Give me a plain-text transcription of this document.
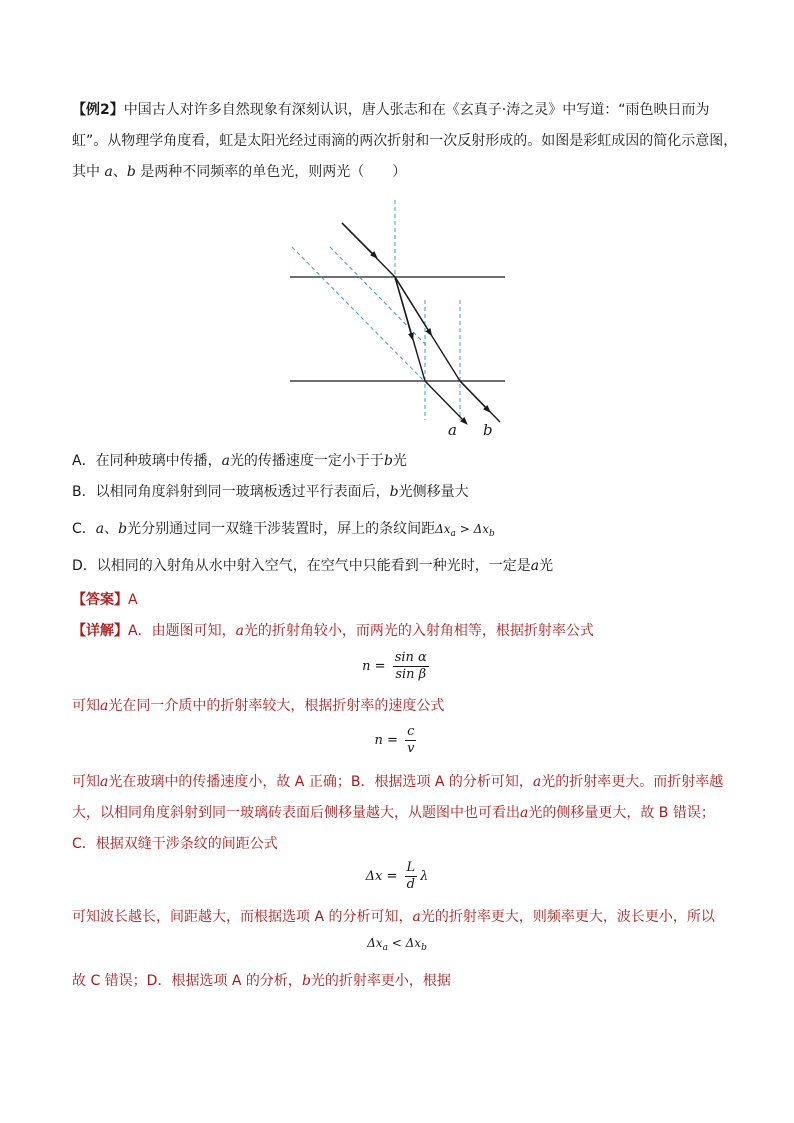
【例2】中国古人对许多自然现象有深刻认识，唐人张志和在《玄真子·涛之灵》中写道：“雨色映日而为
虹”。从物理学角度看，虹是太阳光经过雨滴的两次折射和一次反射形成的。如图是彩虹成因的简化示意图，
其中 a、b 是两种不同频率的单色光，则两光（　　）
a b
A．在同种玻璃中传播，a光的传播速度一定小于于b光
B．以相同角度斜射到同一玻璃板透过平行表面后，b光侧移量大
C．a、b光分别通过同一双缝干涉装置时，屏上的条纹间距$\Delta x_a > \Delta x_b$
D．以相同的入射角从水中射入空气，在空气中只能看到一种光时，一定是a光
【答案】A
【详解】A．由题图可知，a光的折射角较小，而两光的入射角相等，根据折射率公式
$n = \frac{\text{sin α}}{\text{sin β}}$
可知a光在同一介质中的折射率较大，根据折射率的速度公式
$n = \frac{c}{v}$
可知a光在玻璃中的传播速度小，故 A 正确；B．根据选项 A 的分析可知，a光的折射率更大。而折射率越
大，以相同角度斜射到同一玻璃砖表面后侧移量越大，从题图中也可看出a光的侧移量更大，故 B 错误；
C．根据双缝干涉条纹的间距公式
$\Delta x = \frac{L}{d}$ λ
可知波长越长，间距越大，而根据选项 A 的分析可知，a光的折射率更大，则频率更大，波长更小，所以
$\Delta x_a < \Delta x_b$
故 C 错误；D．根据选项 A 的分析，b光的折射率更小，根据
